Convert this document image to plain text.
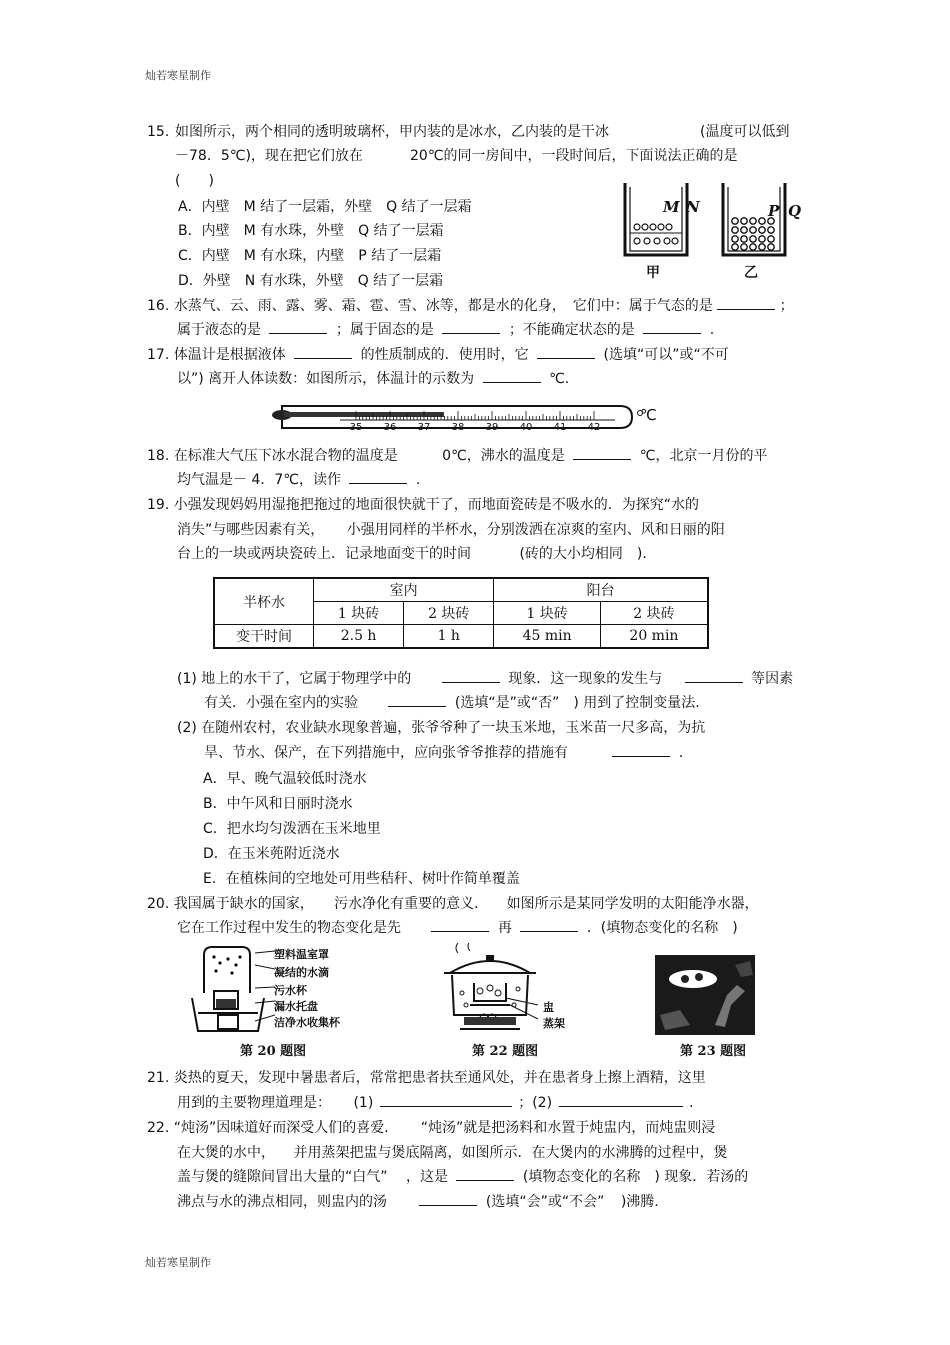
灿若寒星制作
灿若寒星制作
15. 如图所示，两个相同的透明玻璃杯，甲内装的是冰水，乙内装的是干冰	(温度可以低到
－78．5℃)，现在把它们放在	20℃的同一房间中，一段时间后，下面说法正确的是
(　　)
A．内壁　M 结了一层霜，外壁　Q 结了一层霜
B．内壁　M 有水珠，外壁　Q 结了一层霜
C．内壁　M 有水珠，内壁　P 结了一层霜
D．外壁　N 有水珠，外壁　Q 结了一层霜
M N	P Q
甲	乙
16. 水蒸气、云、雨、露、雾、霜、雹、雪、冰等，都是水的化身，　它们中：属于气态的是	；
属于液态的是	；属于固态的是	；不能确定状态的是	.
17. 体温计是根据液体	的性质制成的．使用时，它	(选填“可以”或“不可
以”) 离开人体读数：如图所示，体温计的示数为	℃.
35 36 37 38 39 40 41 42
℃
18. 在标准大气压下冰水混合物的温度是	0℃，沸水的温度是	℃，北京一月份的平
均气温是－ 4．7℃，读作	.
19. 小强发现妈妈用湿拖把拖过的地面很快就干了，而地面瓷砖是不吸水的．为探究“水的
消失”与哪些因素有关， 小强用同样的半杯水，分别泼洒在凉爽的室内、风和日丽的阳
台上的一块或两块瓷砖上．记录地面变干的时间	(砖的大小均相同　).
半杯水	室内		阳台	
	1 块砖	2 块砖	1 块砖	2 块砖
变干时间	2.5 h	1 h	45 min	20 min
(1) 地上的水干了，它属于物理学中的	现象．这一现象的发生与	等因素
有关．小强在室内的实验	(选填“是”或“否”　) 用到了控制变量法.
(2) 在随州农村，农业缺水现象普遍，张爷爷种了一块玉米地，玉米苗一尺多高，为抗
旱、节水、保产，在下列措施中，应向张爷爷推荐的措施有	.
A．早、晚气温较低时浇水
B．中午风和日丽时浇水
C．把水均匀泼洒在玉米地里
D．在玉米蔸附近浇水
E．在植株间的空地处可用些秸秆、树叶作简单覆盖
20. 我国属于缺水的国家， 污水净化有重要的意义． 如图所示是某同学发明的太阳能净水器，
它在工作过程中发生的物态变化是先	再	．(填物态变化的名称　)
塑料温室罩
凝结的水滴
污水杯
漏水托盘
洁净水收集杯
第 20 题图
盅
蒸架
第 22 题图	第 23 题图
21. 炎热的夏天，发现中暑患者后，常常把患者扶至通风处，并在患者身上擦上酒精，这里
用到的主要物理道理是： (1)	；(2)	.
22. “炖汤”因味道好而深受人们的喜爱． “炖汤”就是把汤料和水置于炖盅内，而炖盅则浸
在大煲的水中， 并用蒸架把盅与煲底隔离，如图所示．在大煲内的水沸腾的过程中，煲
盖与煲的缝隙间冒出大量的“白气” ，这是	(填物态变化的名称　) 现象．若汤的
沸点与水的沸点相同，则盅内的汤	(选填“会”或“不会” )沸腾.
